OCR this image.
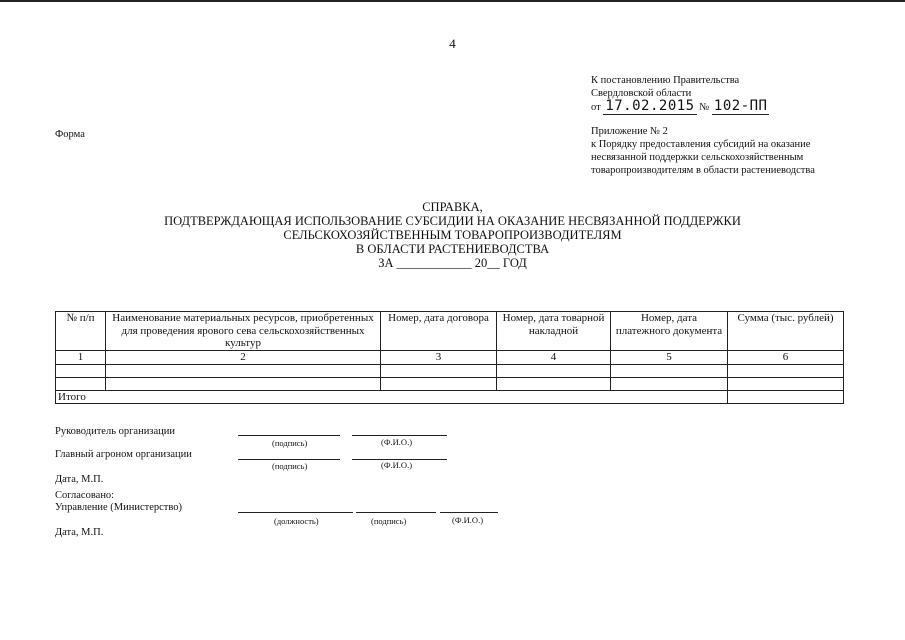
4
К постановлению Правительства
Свердловской области
от 17.02.2015 № 102-ПП
Форма	Приложение № 2
к Порядку предоставления субсидий на оказание
несвязанной поддержки сельскохозяйственным
товаропроизводителям в области растениеводства
СПРАВКА,
ПОДТВЕРЖДАЮЩАЯ ИСПОЛЬЗОВАНИЕ СУБСИДИИ НА ОКАЗАНИЕ НЕСВЯЗАННОЙ ПОДДЕРЖКИ
СЕЛЬСКОХОЗЯЙСТВЕННЫМ ТОВАРОПРОИЗВОДИТЕЛЯМ
В ОБЛАСТИ РАСТЕНИЕВОДСТВА
ЗА ____________ 20__ ГОД
№ п/п	Наименование материальных ресурсов, приобретенных для проведения ярового сева сельскохозяйственных культур	Номер, дата договора	Номер, дата товарной накладной	Номер, дата платежного документа	Сумма (тыс. рублей)
1	2	3	4	5	6

Итого					
Руководитель организации
(подпись)	(Ф.И.О.)
Главный агроном организации
(подпись)	(Ф.И.О.)
Дата, М.П.
Согласовано:
Управление (Министерство)
(должность)	(подпись)	(Ф.И.О.)
Дата, М.П.
